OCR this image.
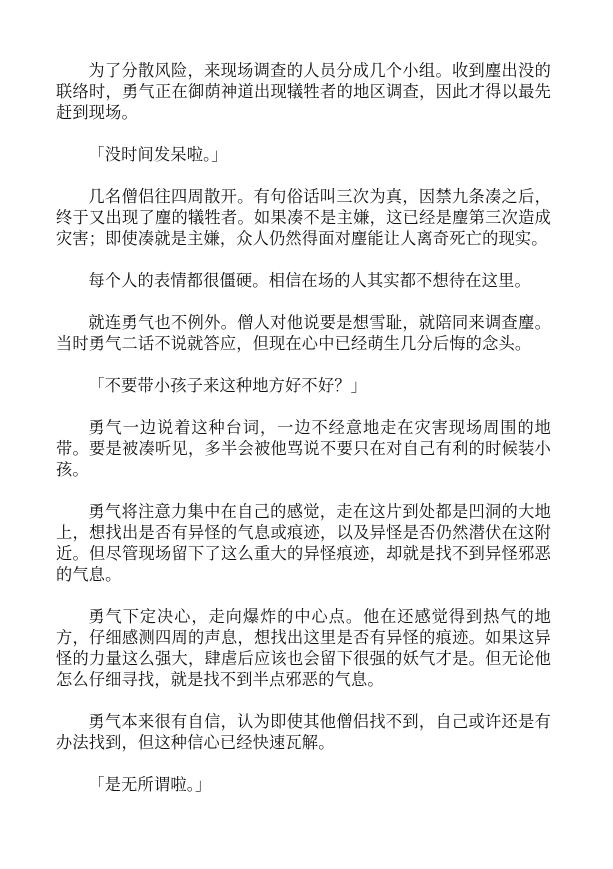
为了分散风险，来现场调查的人员分成几个小组。收到麈出没的联络时，勇气正在御荫神道出现犠牲者的地区调查，因此才得以最先赶到现场。

「没时间发呆啦。」

几名僧侣往四周散开。有句俗话叫三次为真，因禁九条凑之后，终于又出现了麈的犠牲者。如果凑不是主嫌，这已经是麈第三次造成灾害；即使凑就是主嫌，众人仍然得面对麈能让人离奇死亡的现实。

每个人的表情都很僵硬。相信在场的人其实都不想待在这里。

就连勇气也不例外。僧人对他说要是想雪耻，就陪同来调查麈。当时勇气二话不说就答应，但现在心中已经萌生几分后悔的念头。

「不要带小孩子来这种地方好不好？」

勇气一边说着这种台词，一边不经意地走在灾害现场周围的地带。要是被凑听见，多半会被他骂说不要只在对自己有利的时候装小孩。

勇气将注意力集中在自己的感觉，走在这片到处都是凹洞的大地上，想找出是否有异怪的气息或痕迹，以及异怪是否仍然潜伏在这附近。但尽管现场留下了这么重大的异怪痕迹，却就是找不到异怪邪恶的气息。

勇气下定决心，走向爆炸的中心点。他在还感觉得到热气的地方，仔细感测四周的声息，想找出这里是否有异怪的痕迹。如果这异怪的力量这么强大，肆虐后应该也会留下很强的妖气才是。但无论他怎么仔细寻找，就是找不到半点邪恶的气息。

勇气本来很有自信，认为即使其他僧侣找不到，自己或许还是有办法找到，但这种信心已经快速瓦解。

「是无所谓啦。」
